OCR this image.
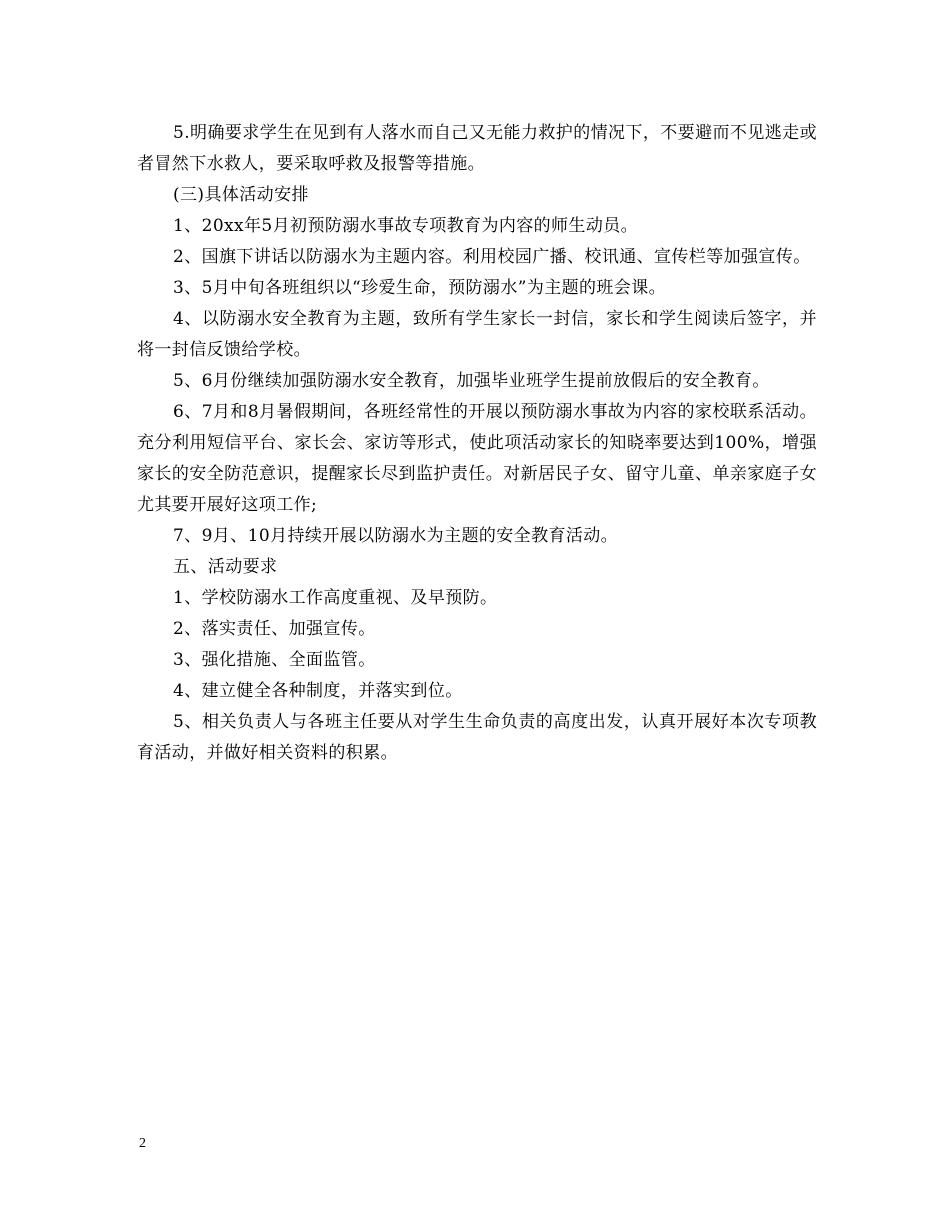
5.明确要求学生在见到有人落水而自己又无能力救护的情况下，不要避而不见逃走或者冒然下水救人，要采取呼救及报警等措施。

(三)具体活动安排

1、20xx年5月初预防溺水事故专项教育为内容的师生动员。

2、国旗下讲话以防溺水为主题内容。利用校园广播、校讯通、宣传栏等加强宣传。

3、5月中旬各班组织以“珍爱生命，预防溺水”为主题的班会课。

4、以防溺水安全教育为主题，致所有学生家长一封信，家长和学生阅读后签字，并将一封信反馈给学校。

5、6月份继续加强防溺水安全教育，加强毕业班学生提前放假后的安全教育。

6、7月和8月暑假期间，各班经常性的开展以预防溺水事故为内容的家校联系活动。充分利用短信平台、家长会、家访等形式，使此项活动家长的知晓率要达到100%，增强家长的安全防范意识，提醒家长尽到监护责任。对新居民子女、留守儿童、单亲家庭子女尤其要开展好这项工作;

7、9月、10月持续开展以防溺水为主题的安全教育活动。

五、活动要求

1、学校防溺水工作高度重视、及早预防。

2、落实责任、加强宣传。

3、强化措施、全面监管。

4、建立健全各种制度，并落实到位。

5、相关负责人与各班主任要从对学生生命负责的高度出发，认真开展好本次专项教育活动，并做好相关资料的积累。

2
